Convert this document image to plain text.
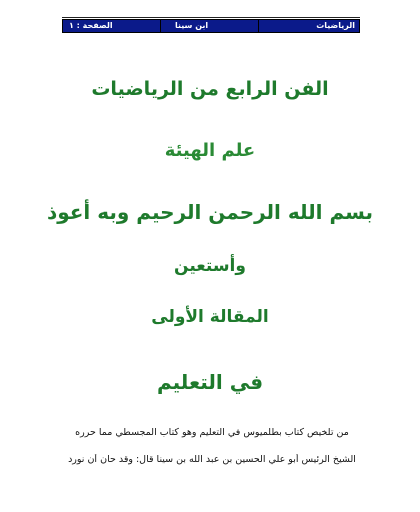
الصفحة : ١	ابن سينا	الرياضيات
الفن الرابع من الرياضيات
علم الهيئة
بسم الله الرحمن الرحيم وبه أعوذ
وأستعين
المقالة الأولى
في التعليم
من تلخيص كتاب بطلميوس في التعليم وهو كتاب المجسطي مما حرره
الشيخ الرئيس أبو علي الحسين بن عبد الله بن سينا قال: وقد حان أن نورد
